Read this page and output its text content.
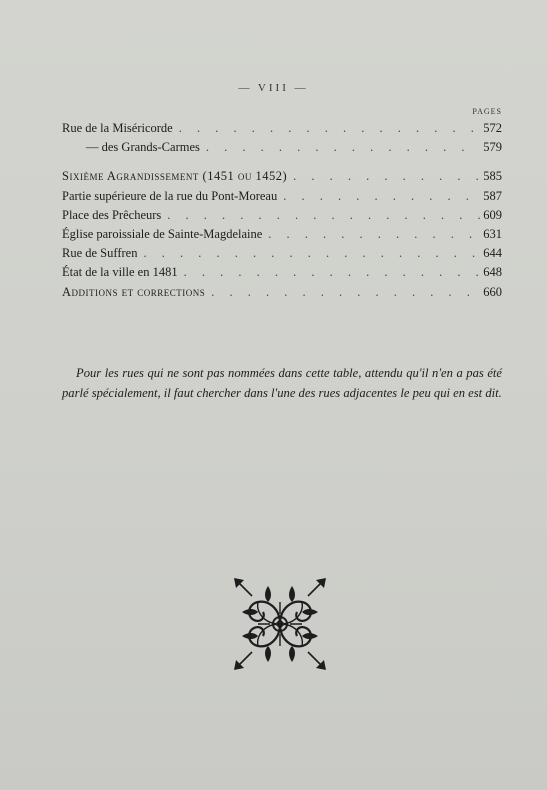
— VIII —
PAGES
Rue de la Miséricorde . . .	572
— des Grands-Carmes . . .	579
Sixième Agrandissement (1451 ou 1452) . . .	585
Partie supérieure de la rue du Pont-Moreau . . .	587
Place des Prêcheurs . . .	609
Église paroissiale de Sainte-Magdelaine . . .	631
Rue de Suffren . . .	644
État de la ville en 1481 . . .	648
Additions et corrections . . .	660

Pour les rues qui ne sont pas nommées dans cette table, attendu qu'il n'en a pas été parlé spécialement, il faut chercher dans l'une des rues adjacentes le peu qui en est dit.
